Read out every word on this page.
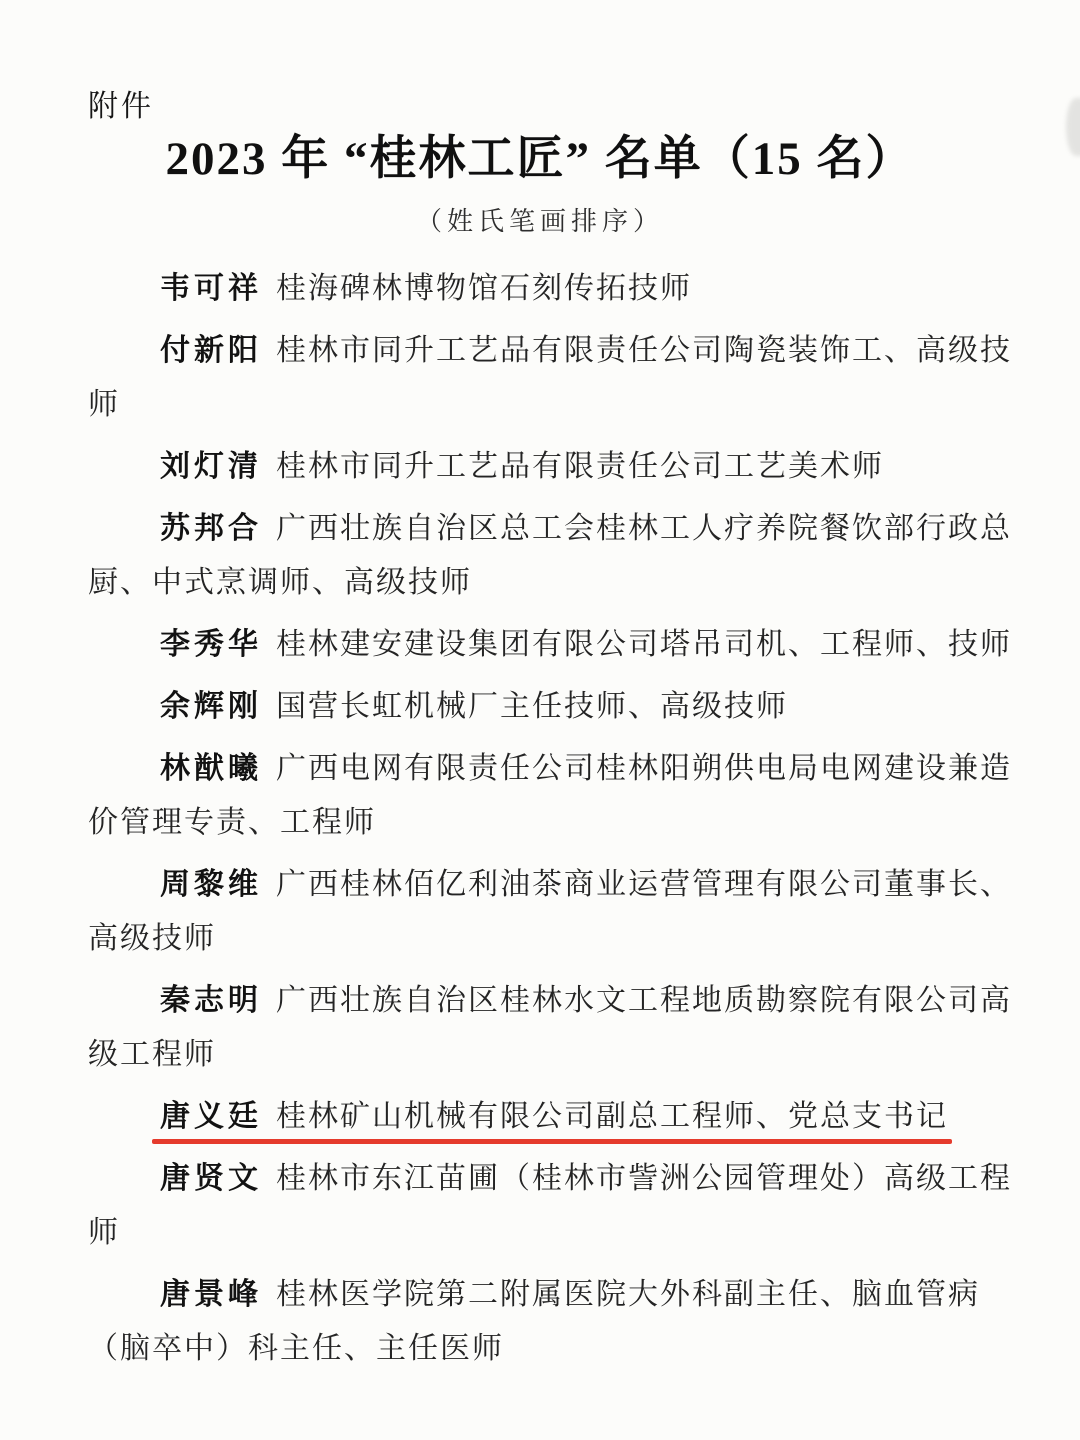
附件
2023 年 “桂林工匠” 名单（15 名）
（姓氏笔画排序）

韦可祥 桂海碑林博物馆石刻传拓技师

付新阳 桂林市同升工艺品有限责任公司陶瓷装饰工、高级技师

刘灯清 桂林市同升工艺品有限责任公司工艺美术师

苏邦合 广西壮族自治区总工会桂林工人疗养院餐饮部行政总厨、中式烹调师、高级技师

李秀华 桂林建安建设集团有限公司塔吊司机、工程师、技师

余辉刚 国营长虹机械厂主任技师、高级技师

林猷曦 广西电网有限责任公司桂林阳朔供电局电网建设兼造价管理专责、工程师

周黎维 广西桂林佰亿利油茶商业运营管理有限公司董事长、高级技师

秦志明 广西壮族自治区桂林水文工程地质勘察院有限公司高级工程师

唐义廷 桂林矿山机械有限公司副总工程师、党总支书记

唐贤文 桂林市东江苗圃（桂林市訾洲公园管理处）高级工程师

唐景峰 桂林医学院第二附属医院大外科副主任、脑血管病（脑卒中）科主任、主任医师
